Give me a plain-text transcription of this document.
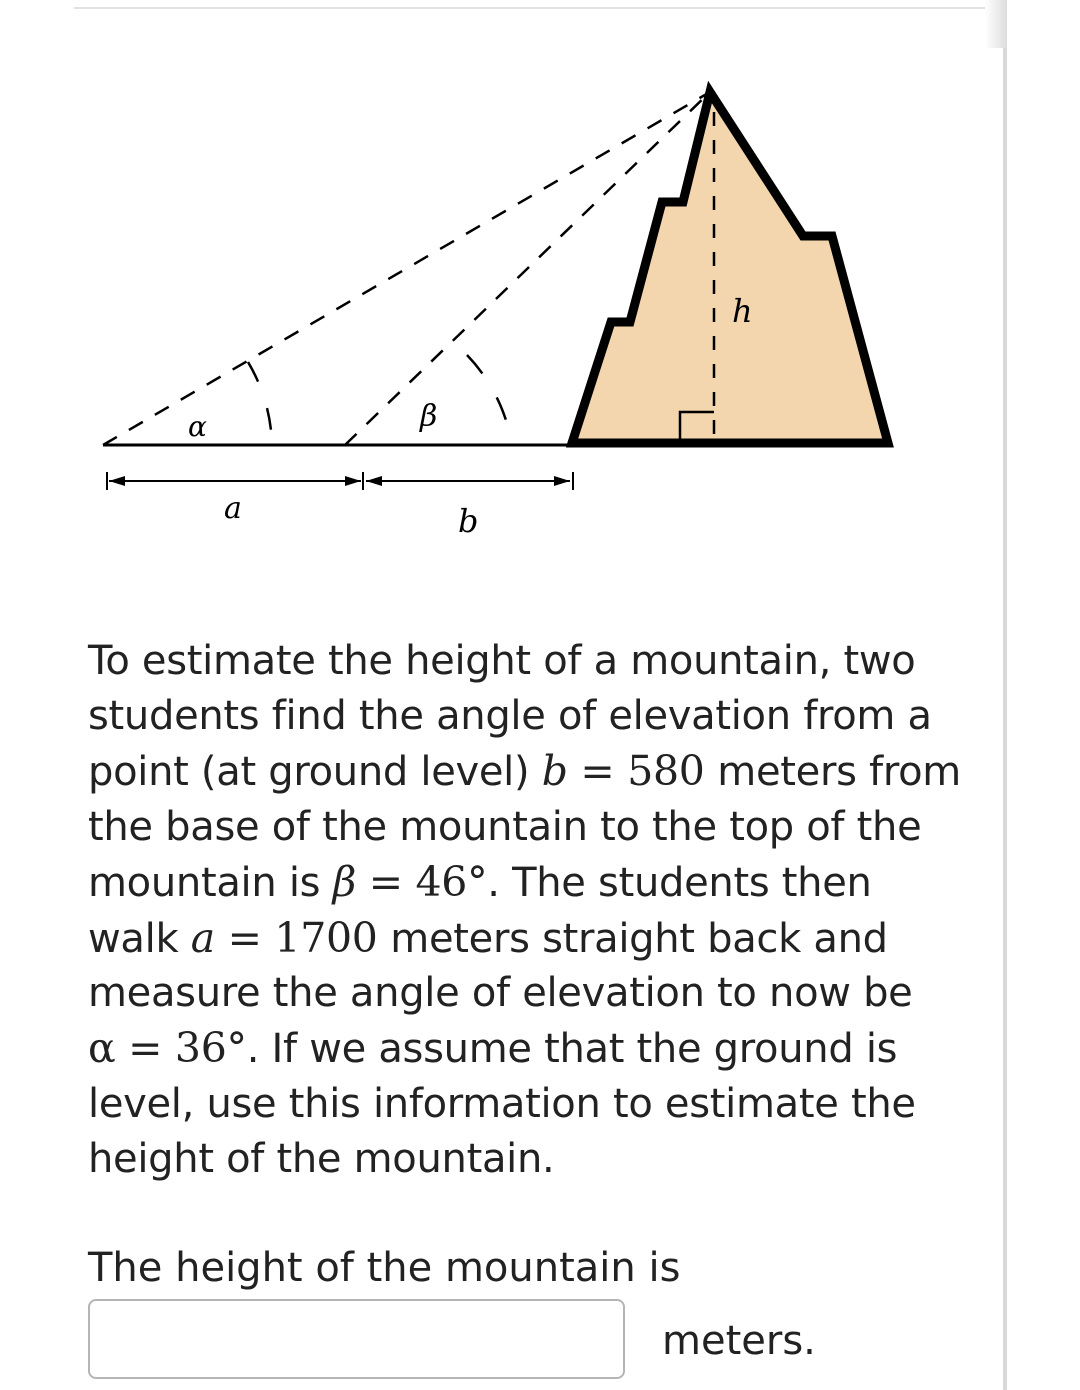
α	β
h
a	b
To estimate the height of a mountain, two
students find the angle of elevation from a
point (at ground level) b = 580 meters from
the base of the mountain to the top of the
mountain is β = 46°. The students then
walk a = 1700 meters straight back and
measure the angle of elevation to now be
α = 36°. If we assume that the ground is
level, use this information to estimate the
height of the mountain.
The height of the mountain is
meters.
